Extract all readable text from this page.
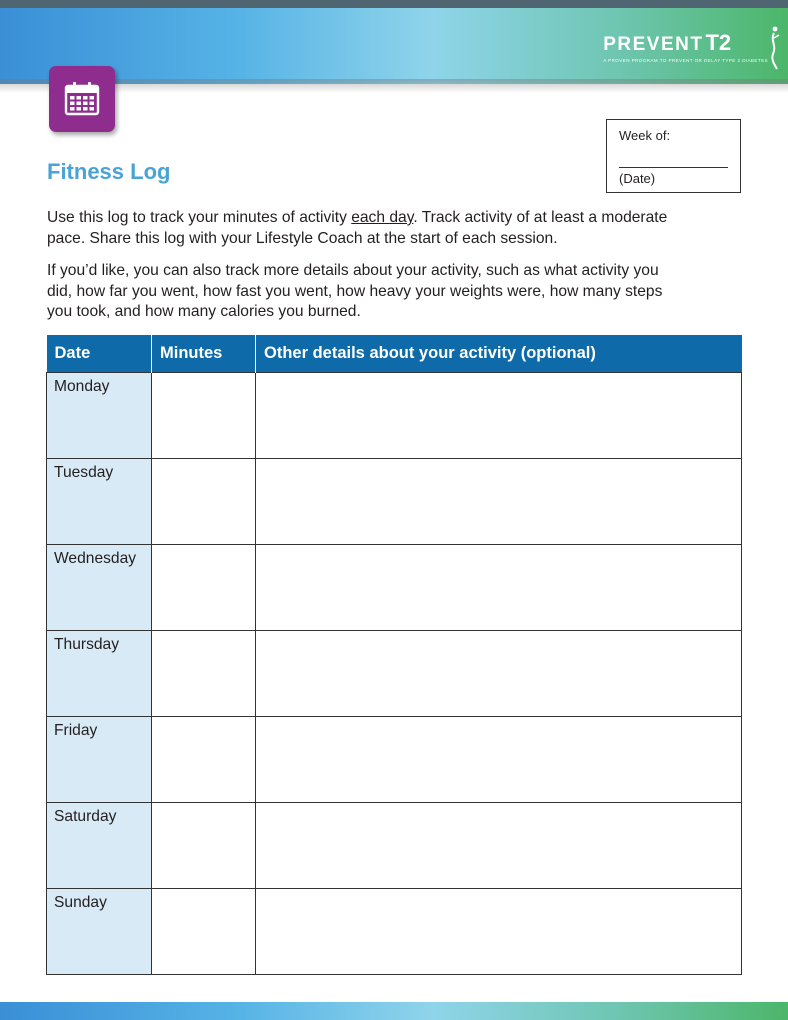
PREVENT T2
A PROVEN PROGRAM TO PREVENT OR DELAY TYPE 2 DIABETES
Week of:
(Date)
Fitness Log
Use this log to track your minutes of activity each day. Track activity of at least a moderate pace. Share this log with your Lifestyle Coach at the start of each session.
If you’d like, you can also track more details about your activity, such as what activity you did, how far you went, how fast you went, how heavy your weights were, how many steps you took, and how many calories you burned.
Date	Minutes	Other details about your activity (optional)
Monday		
Tuesday		
Wednesday		
Thursday		
Friday		
Saturday		
Sunday		
